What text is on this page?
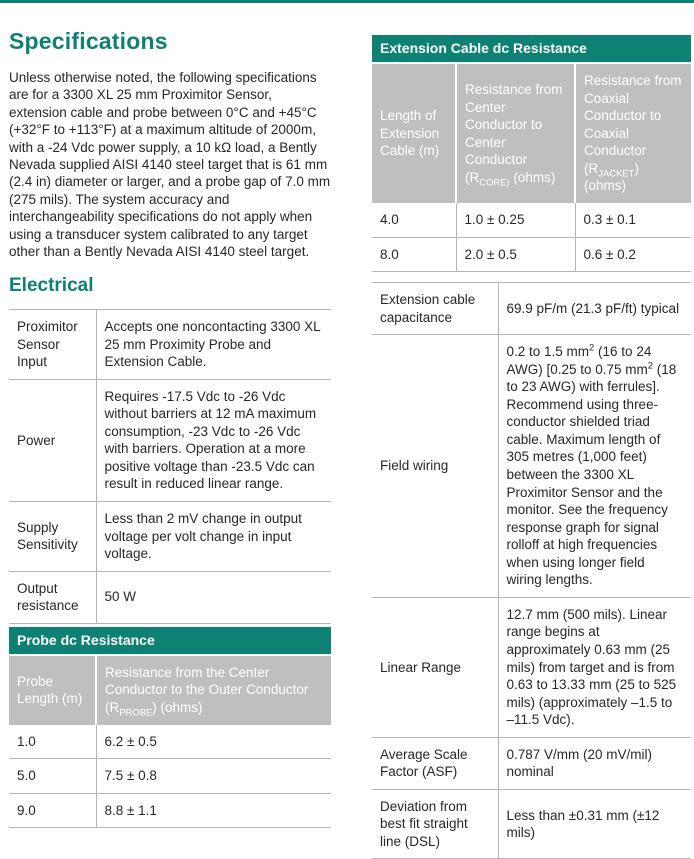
Specifications

Unless otherwise noted, the following specifications are for a 3300 XL 25 mm Proximitor Sensor, extension cable and probe between 0°C and +45°C (+32°F to +113°F) at a maximum altitude of 2000m, with a -24 Vdc power supply, a 10 kΩ load, a Bently Nevada supplied AISI 4140 steel target that is 61 mm (2.4 in) diameter or larger, and a probe gap of 7.0 mm (275 mils). The system accuracy and interchangeability specifications do not apply when using a transducer system calibrated to any target other than a Bently Nevada AISI 4140 steel target.

Electrical
Proximitor Sensor Input	Accepts one noncontacting 3300 XL 25 mm Proximity Probe and Extension Cable.
Power	Requires -17.5 Vdc to -26 Vdc without barriers at 12 mA maximum consumption, -23 Vdc to -26 Vdc with barriers. Operation at a more positive voltage than -23.5 Vdc can result in reduced linear range.
Supply Sensitivity	Less than 2 mV change in output voltage per volt change in input voltage.
Output resistance	50 W
Probe dc Resistance
Probe Length (m)	Resistance from the Center Conductor to the Outer Conductor $(R_{PROBE})$ (ohms)
1.0	6.2 ± 0.5
5.0	7.5 ± 0.8
9.0	8.8 ± 1.1
Extension Cable dc Resistance
Length of Extension Cable (m)	Resistance from Center Conductor to Center Conductor ($R_{CORE)}$ (ohms)	Resistance from Coaxial Conductor to Coaxial Conductor $(R_{JACKET})$ (ohms)
4.0	1.0 ± 0.25	0.3 ± 0.1
8.0	2.0 ± 0.5	0.6 ± 0.2
Extension cable capacitance	69.9 pF/m (21.3 pF/ft) typical
Field wiring	0.2 to 1.5 $mm^2$ (16 to 24 AWG) [0.25 to 0.75 $mm^2$ (18 to 23 AWG) with ferrules]. Recommend using three-conductor shielded triad cable. Maximum length of 305 metres (1,000 feet) between the 3300 XL Proximitor Sensor and the monitor. See the frequency response graph for signal rolloff at high frequencies when using longer field wiring lengths.
Linear Range	12.7 mm (500 mils). Linear range begins at approximately 0.63 mm (25 mils) from target and is from 0.63 to 13.33 mm (25 to 525 mils) (approximately –1.5 to –11.5 Vdc).
Average Scale Factor (ASF)	0.787 V/mm (20 mV/mil) nominal
Deviation from best fit straight line (DSL)	Less than ±0.31 mm (±12 mils)
